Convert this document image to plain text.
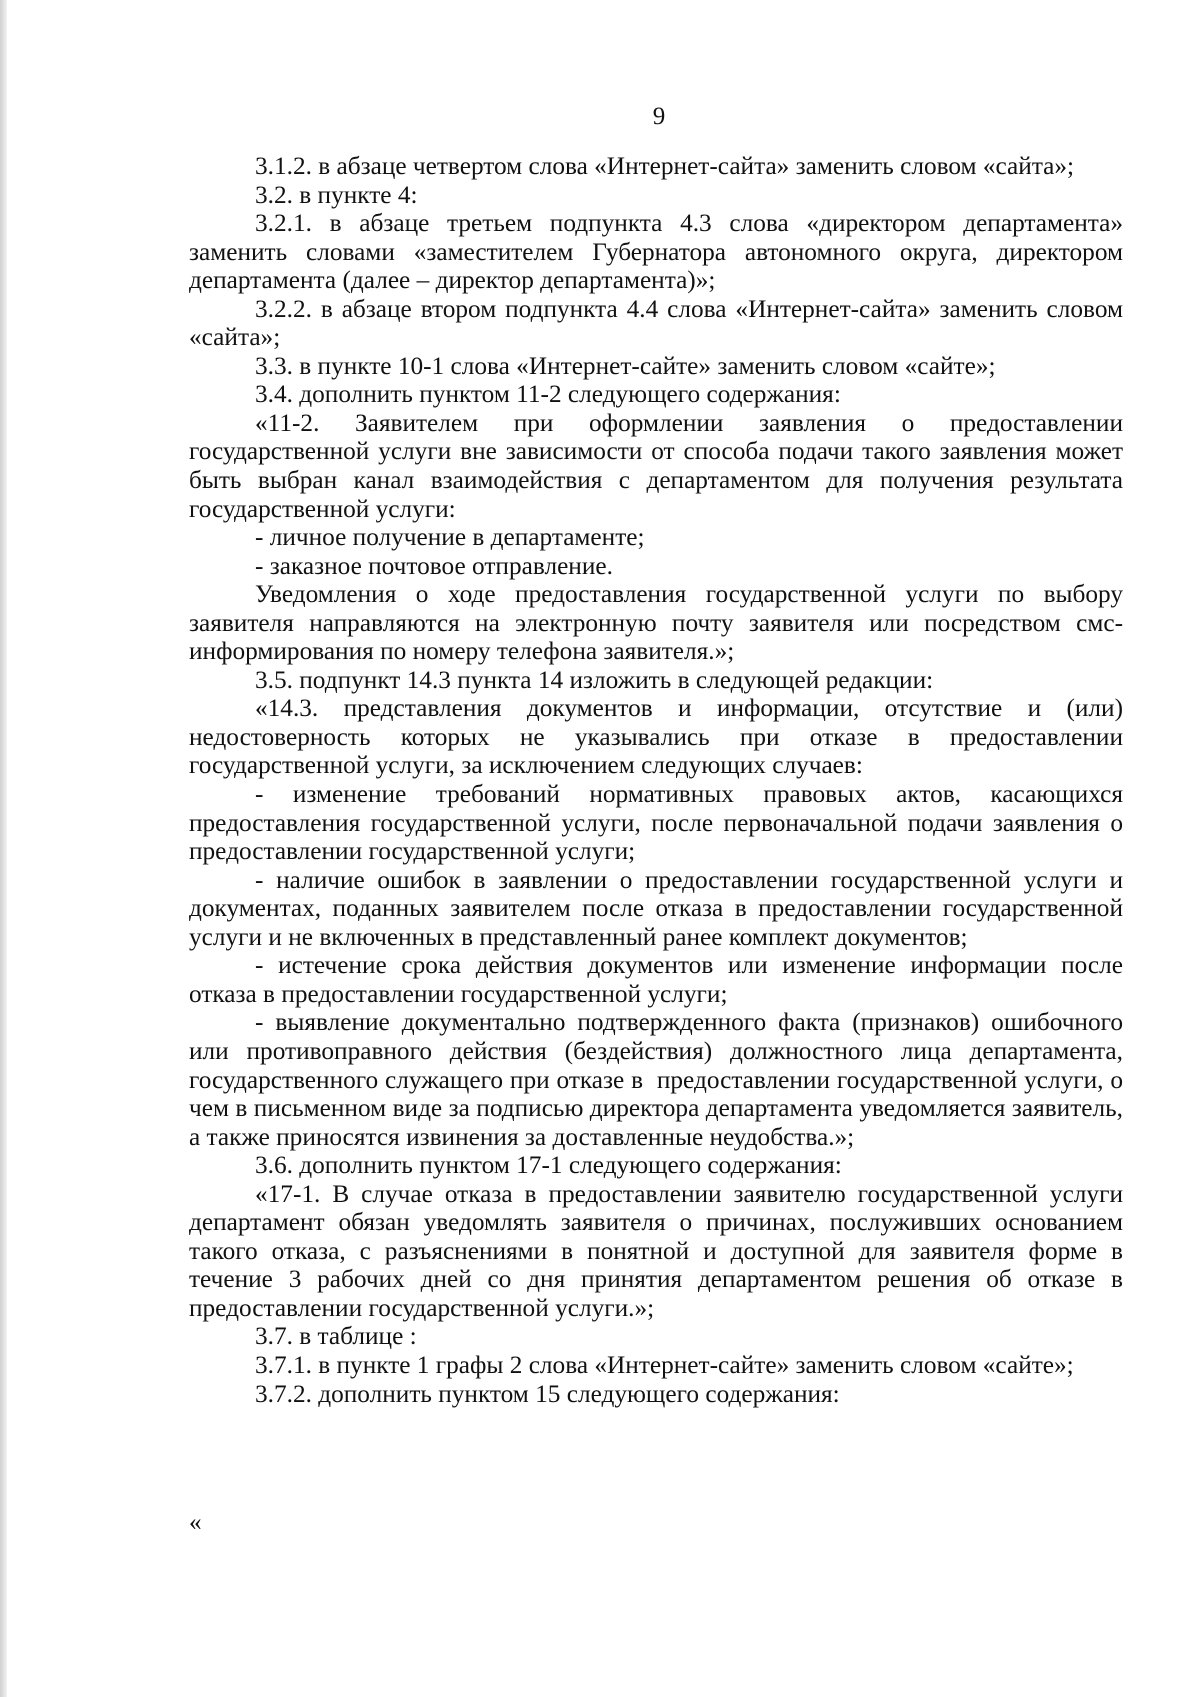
9

3.1.2. в абзаце четвертом слова «Интернет-сайта» заменить словом «сайта»;

3.2. в пункте 4:

3.2.1. в абзаце третьем подпункта 4.3 слова «директором департамента» заменить словами «заместителем Губернатора автономного округа, директором департамента (далее – директор департамента)»;

3.2.2. в абзаце втором подпункта 4.4 слова «Интернет-сайта» заменить словом «сайта»;

3.3. в пункте 10-1 слова «Интернет-сайте» заменить словом «сайте»;

3.4. дополнить пунктом 11-2 следующего содержания:

«11-2. Заявителем при оформлении заявления о предоставлении государственной услуги вне зависимости от способа подачи такого заявления может быть выбран канал взаимодействия с департаментом для получения результата государственной услуги:

- личное получение в департаменте;

- заказное почтовое отправление.

Уведомления о ходе предоставления государственной услуги по выбору заявителя направляются на электронную почту заявителя или посредством смс-информирования по номеру телефона заявителя.»;

3.5. подпункт 14.3 пункта 14 изложить в следующей редакции:

«14.3. представления документов и информации, отсутствие и (или) недостоверность которых не указывались при отказе в предоставлении государственной услуги, за исключением следующих случаев:

- изменение требований нормативных правовых актов, касающихся предоставления государственной услуги, после первоначальной подачи заявления о предоставлении государственной услуги;

- наличие ошибок в заявлении о предоставлении государственной услуги и документах, поданных заявителем после отказа в предоставлении государственной услуги и не включенных в представленный ранее комплект документов;

- истечение срока действия документов или изменение информации после отказа в предоставлении государственной услуги;

- выявление документально подтвержденного факта (признаков) ошибочного или противоправного действия (бездействия) должностного лица департамента, государственного служащего при отказе в  предоставлении государственной услуги, о чем в письменном виде за подписью директора департамента уведомляется заявитель, а также приносятся извинения за доставленные неудобства.»;

3.6. дополнить пунктом 17-1 следующего содержания:

«17-1. В случае отказа в предоставлении заявителю государственной услуги департамент обязан уведомлять заявителя о причинах, послуживших основанием такого отказа, с разъяснениями в понятной и доступной для заявителя форме в течение 3 рабочих дней со дня принятия департаментом решения об отказе в предоставлении государственной услуги.»;

3.7. в таблице :

3.7.1. в пункте 1 графы 2 слова «Интернет-сайте» заменить словом «сайте»;

3.7.2. дополнить пунктом 15 следующего содержания:

«
